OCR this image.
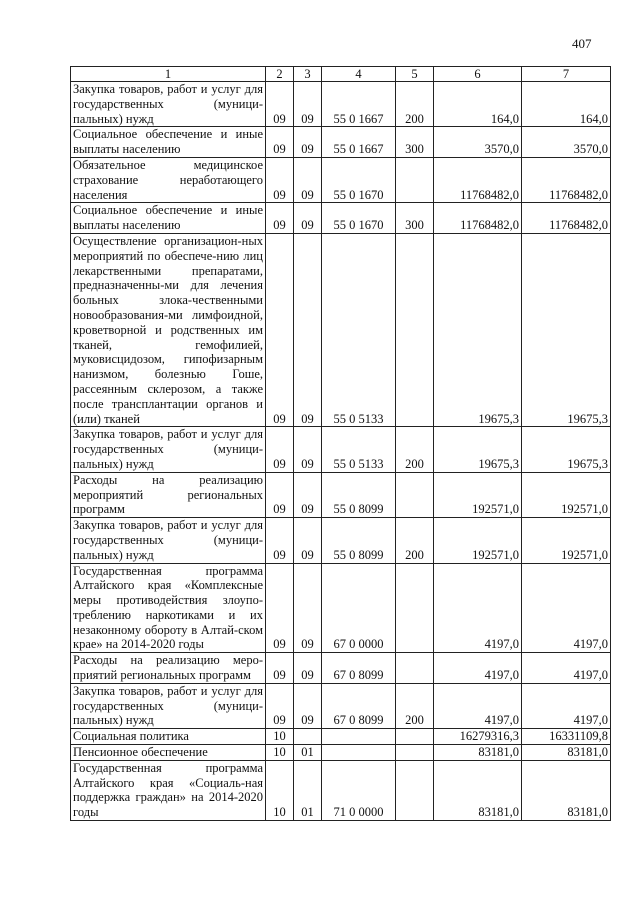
407
1	2	3	4	5	6	7
Закупка товаров, работ и услуг для государственных (муници-пальных) нужд	09	09	55 0 1667	200	164,0	164,0
Социальное обеспечение и иные выплаты населению	09	09	55 0 1667	300	3570,0	3570,0
Обязательное медицинское страхование неработающего населения	09	09	55 0 1670		11768482,0	11768482,0
Социальное обеспечение и иные выплаты населению	09	09	55 0 1670	300	11768482,0	11768482,0
Осуществление организацион-ных мероприятий по обеспече-нию лиц лекарственными препаратами, предназначенны-ми для лечения больных злока-чественными новообразования-ми лимфоидной, кроветворной и родственных им тканей, гемофилией, муковисцидозом, гипофизарным нанизмом, болезнью Гоше, рассеянным склерозом, а также после трансплантации органов и (или) тканей	09	09	55 0 5133		19675,3	19675,3
Закупка товаров, работ и услуг для государственных (муници-пальных) нужд	09	09	55 0 5133	200	19675,3	19675,3
Расходы на реализацию мероприятий региональных программ	09	09	55 0 8099		192571,0	192571,0
Закупка товаров, работ и услуг для государственных (муници-пальных) нужд	09	09	55 0 8099	200	192571,0	192571,0
Государственная программа Алтайского края «Комплексные меры противодействия злоупо-треблению наркотиками и их незаконному обороту в Алтай-ском крае» на 2014-2020 годы	09	09	67 0 0000		4197,0	4197,0
Расходы на реализацию меро-приятий региональных программ	09	09	67 0 8099		4197,0	4197,0
Закупка товаров, работ и услуг для государственных (муници-пальных) нужд	09	09	67 0 8099	200	4197,0	4197,0
Социальная политика	10				16279316,3	16331109,8
Пенсионное обеспечение	10	01			83181,0	83181,0
Государственная программа Алтайского края «Социаль-ная поддержка граждан» на 2014-2020 годы	10	01	71 0 0000		83181,0	83181,0
